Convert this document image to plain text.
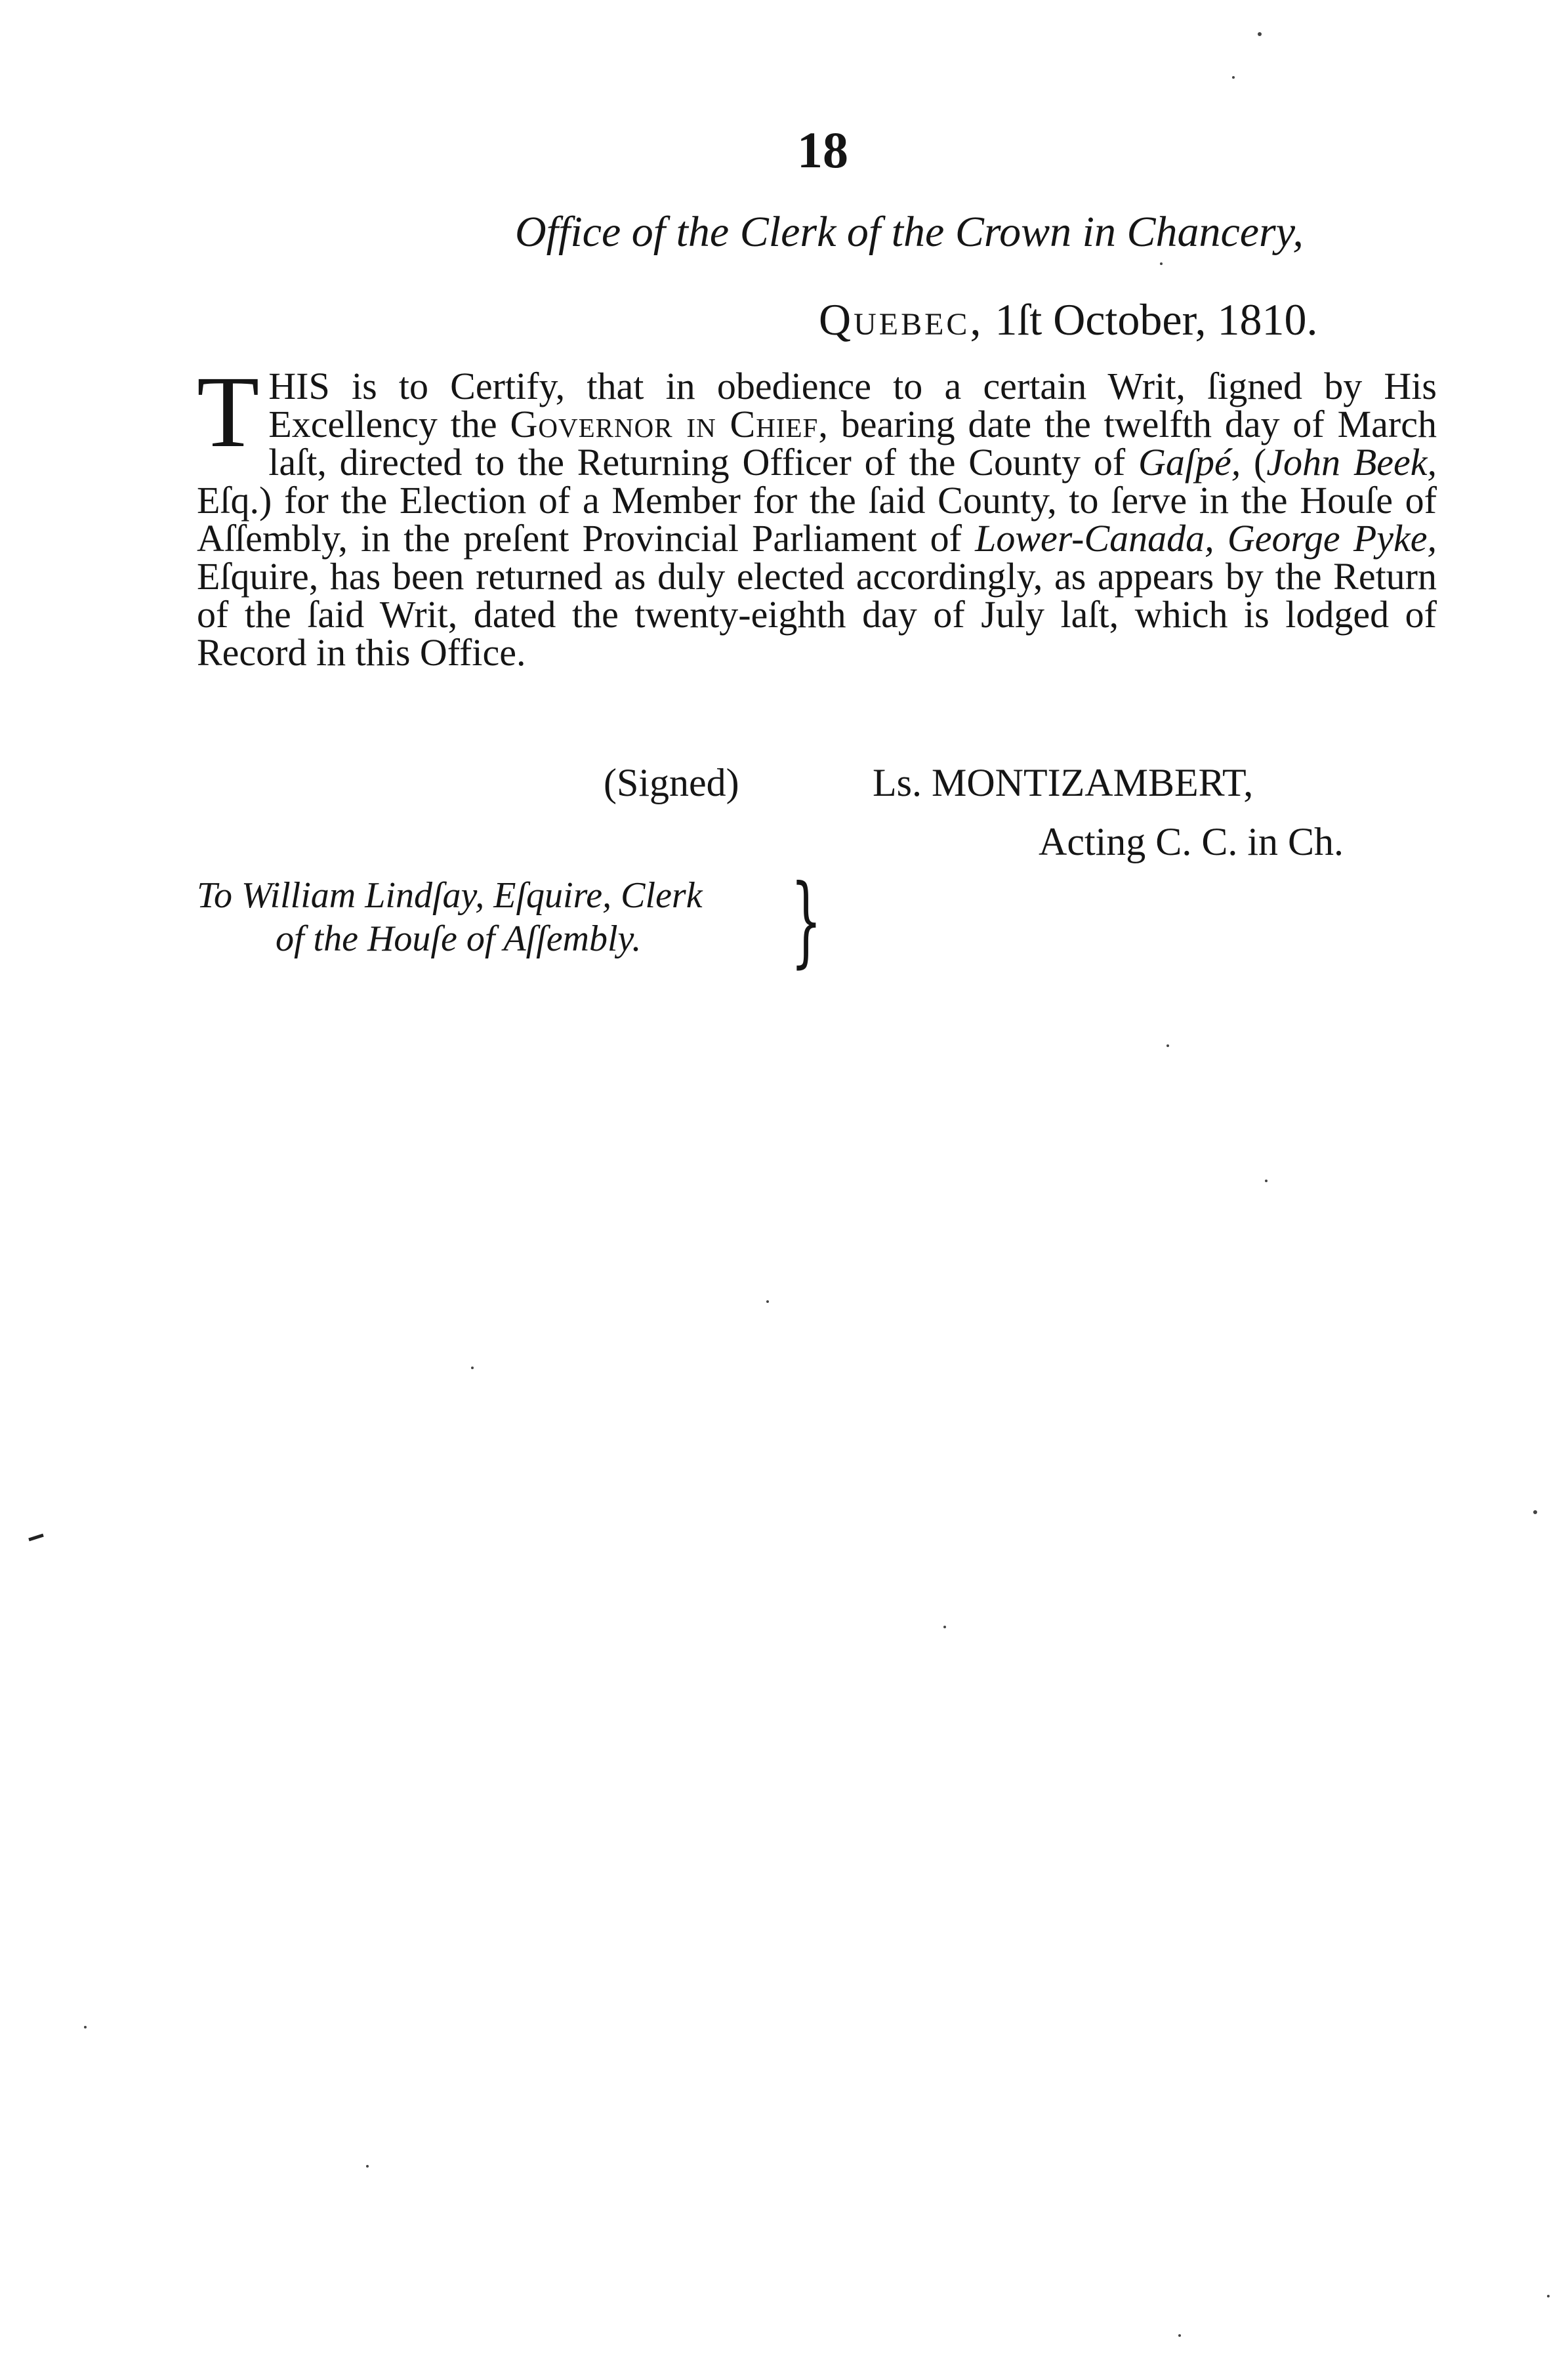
18
Office of the Clerk of the Crown in Chancery,
Quebec, 1ſt October, 1810.
THIS is to Certify, that in obedience to a certain Writ, ſigned by His Excellency the Governor in Chief, bearing date the twelfth day of March laſt, directed to the Returning Officer of the County of Gaſpé, (John Beek, Eſq.) for the Election of a Member for the ſaid County, to ſerve in the Houſe of Aſſembly, in the preſent Provincial Parliament of Lower-Canada, George Pyke, Eſquire, has been returned as duly elected accordingly, as appears by the Return of the ſaid Writ, dated the twenty-eighth day of July laſt, which is lodged of Record in this Office.
(Signed)	Ls. MONTIZAMBERT,
Acting C. C. in Ch.
To William Lindſay, Eſquire, Clerk
of the Houſe of Aſſembly. }
